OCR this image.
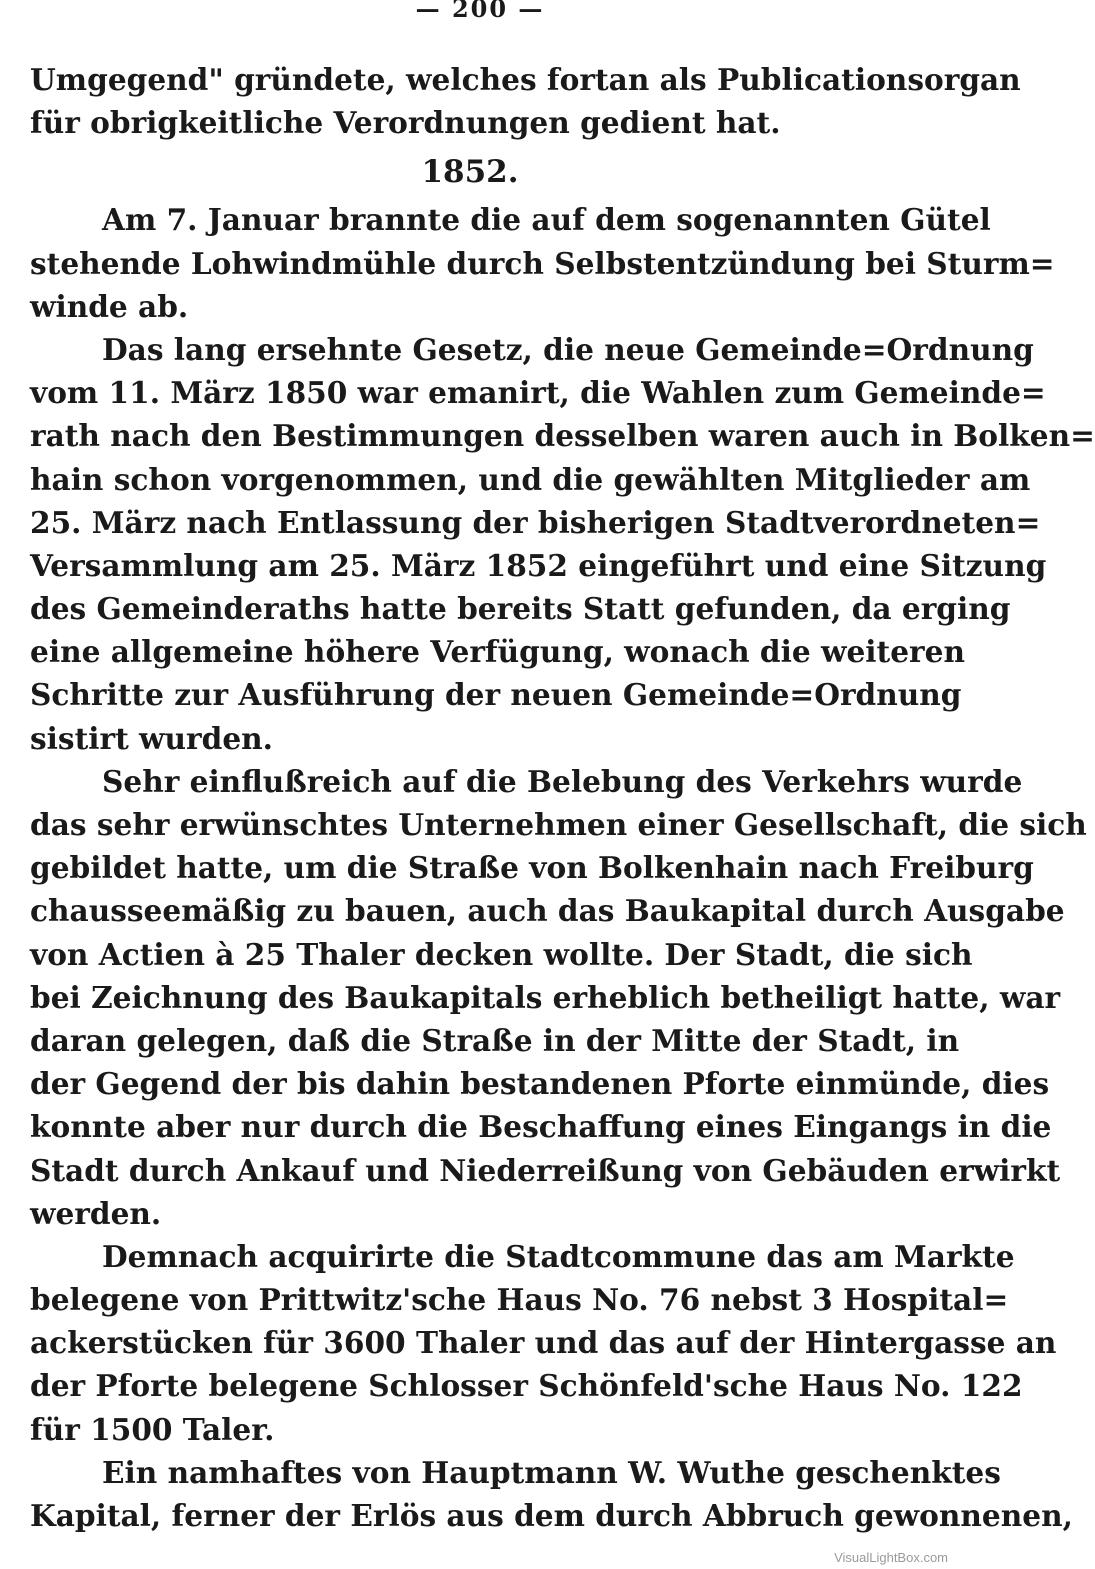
— 200 —
Umgegend" gründete, welches fortan als Publicationsorgan
für obrigkeitliche Verordnungen gedient hat.
1852.
Am 7. Januar brannte die auf dem sogenannten Gütel
stehende Lohwindmühle durch Selbstentzündung bei Sturm=
winde ab.
Das lang ersehnte Gesetz, die neue Gemeinde=Ordnung
vom 11. März 1850 war emanirt, die Wahlen zum Gemeinde=
rath nach den Bestimmungen desselben waren auch in Bolken=
hain schon vorgenommen, und die gewählten Mitglieder am
25. März nach Entlassung der bisherigen Stadtverordneten=
Versammlung am 25. März 1852 eingeführt und eine Sitzung
des Gemeinderaths hatte bereits Statt gefunden, da erging
eine allgemeine höhere Verfügung, wonach die weiteren
Schritte zur Ausführung der neuen Gemeinde=Ordnung
sistirt wurden.
Sehr einflußreich auf die Belebung des Verkehrs wurde
das sehr erwünschtes Unternehmen einer Gesellschaft, die sich
gebildet hatte, um die Straße von Bolkenhain nach Freiburg
chausseemäßig zu bauen, auch das Baukapital durch Ausgabe
von Actien à 25 Thaler decken wollte. Der Stadt, die sich
bei Zeichnung des Baukapitals erheblich betheiligt hatte, war
daran gelegen, daß die Straße in der Mitte der Stadt, in
der Gegend der bis dahin bestandenen Pforte einmünde, dies
konnte aber nur durch die Beschaffung eines Eingangs in die
Stadt durch Ankauf und Niederreißung von Gebäuden erwirkt
werden.
Demnach acquirirte die Stadtcommune das am Markte
belegene von Prittwitz'sche Haus No. 76 nebst 3 Hospital=
ackerstücken für 3600 Thaler und das auf der Hintergasse an
der Pforte belegene Schlosser Schönfeld'sche Haus No. 122
für 1500 Taler.
Ein namhaftes von Hauptmann W. Wuthe geschenktes
Kapital, ferner der Erlös aus dem durch Abbruch gewonnenen,
VisualLightBox.com
